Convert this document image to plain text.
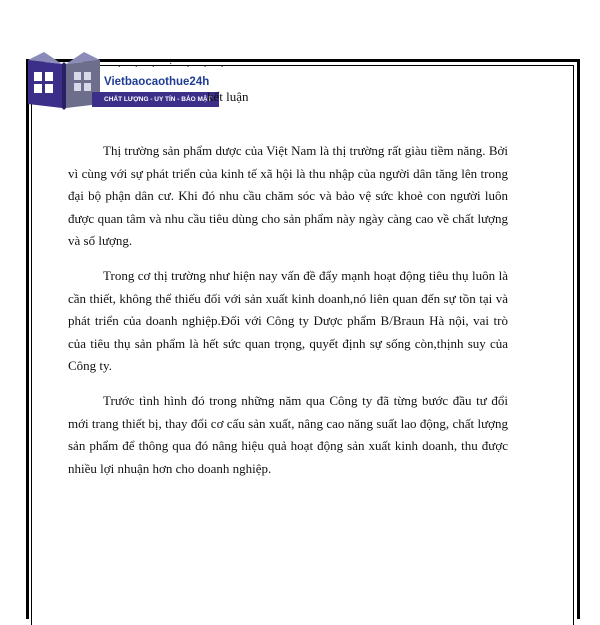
. . . · . . .
Vietbaocaothue24h
CHẤT LƯỢNG - UY TÍN - BẢO MẬT
kết luận

Thị trường sản phẩm dược của Việt Nam là thị trường rất giàu tiềm năng. Bởi vì cùng với sự phát triển của kinh tế xã hội là thu nhập của người dân tăng lên trong đại bộ phận dân cư. Khi đó nhu cầu chăm sóc và bảo vệ sức khoẻ con người luôn được quan tâm và nhu cầu tiêu dùng cho sản phẩm này ngày càng cao về chất lượng và số lượng.

Trong cơ thị trường như hiện nay vấn đề đẩy mạnh hoạt động tiêu thụ luôn là cần thiết, không thể thiếu đối với sản xuất kinh doanh,nó liên quan đến sự tồn tại và phát triển của doanh nghiệp.Đối với Công ty Dược phẩm B/Braun Hà nội, vai trò của tiêu thụ sản phẩm là hết sức quan trọng, quyết định sự sống còn,thịnh suy của Công ty.

Trước tình hình đó trong những năm qua Công ty đã từng bước đầu tư đổi mới trang thiết bị, thay đổi cơ cấu sản xuất, nâng cao năng suất lao động, chất lượng sản phẩm để thông qua đó nâng hiệu quả hoạt động sản xuất kinh doanh, thu được nhiều lợi nhuận hơn cho doanh nghiệp.
